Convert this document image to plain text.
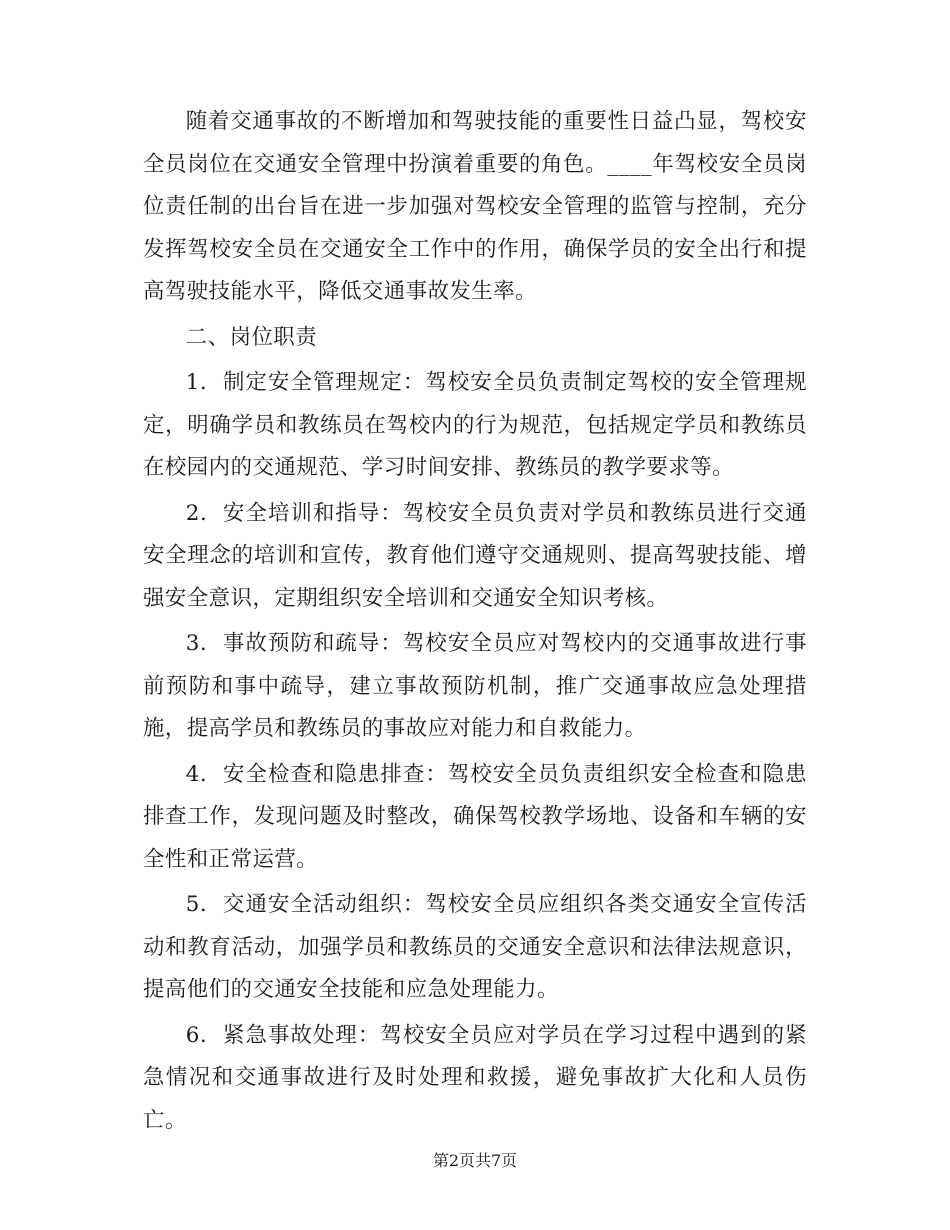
随着交通事故的不断增加和驾驶技能的重要性日益凸显，驾校安全员岗位在交通安全管理中扮演着重要的角色。____年驾校安全员岗位责任制的出台旨在进一步加强对驾校安全管理的监管与控制，充分发挥驾校安全员在交通安全工作中的作用，确保学员的安全出行和提高驾驶技能水平，降低交通事故发生率。

二、岗位职责

1. 制定安全管理规定：驾校安全员负责制定驾校的安全管理规定，明确学员和教练员在驾校内的行为规范，包括规定学员和教练员在校园内的交通规范、学习时间安排、教练员的教学要求等。

2. 安全培训和指导：驾校安全员负责对学员和教练员进行交通安全理念的培训和宣传，教育他们遵守交通规则、提高驾驶技能、增强安全意识，定期组织安全培训和交通安全知识考核。

3. 事故预防和疏导：驾校安全员应对驾校内的交通事故进行事前预防和事中疏导，建立事故预防机制，推广交通事故应急处理措施，提高学员和教练员的事故应对能力和自救能力。

4. 安全检查和隐患排查：驾校安全员负责组织安全检查和隐患排查工作，发现问题及时整改，确保驾校教学场地、设备和车辆的安全性和正常运营。

5. 交通安全活动组织：驾校安全员应组织各类交通安全宣传活动和教育活动，加强学员和教练员的交通安全意识和法律法规意识，提高他们的交通安全技能和应急处理能力。

6. 紧急事故处理：驾校安全员应对学员在学习过程中遇到的紧急情况和交通事故进行及时处理和救援，避免事故扩大化和人员伤亡。

第2页共7页
